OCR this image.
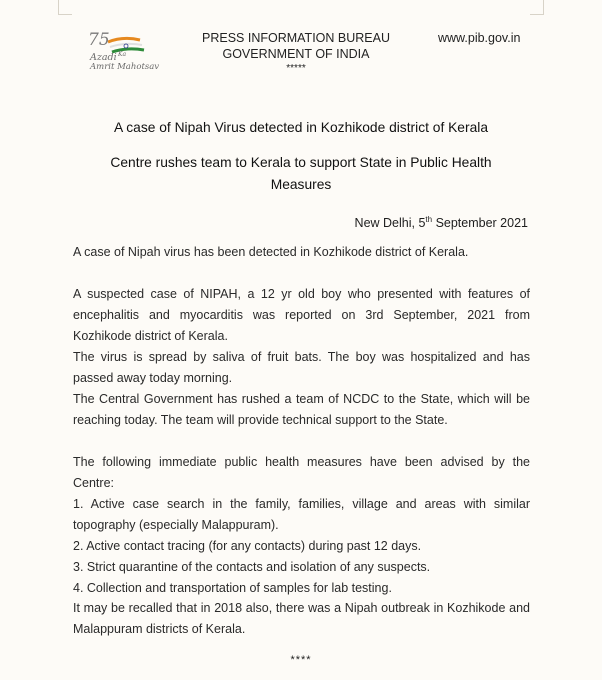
75
Azadi Ka
Amrit Mahotsav
PRESS INFORMATION BUREAU
GOVERNMENT OF INDIA
*****
www.pib.gov.in
A case of Nipah Virus detected in Kozhikode district of Kerala
Centre rushes team to Kerala to support State in Public Health Measures
New Delhi, 5th September 2021

A case of Nipah virus has been detected in Kozhikode district of Kerala.

A suspected case of NIPAH, a 12 yr old boy who presented with features of encephalitis and myocarditis was reported on 3rd September, 2021 from Kozhikode district of Kerala.

The virus is spread by saliva of fruit bats. The boy was hospitalized and has passed away today morning.

The Central Government has rushed a team of NCDC to the State, which will be reaching today. The team will provide technical support to the State.

The following immediate public health measures have been advised by the Centre:

1. Active case search in the family, families, village and areas with similar topography (especially Malappuram).

2. Active contact tracing (for any contacts) during past 12 days.

3. Strict quarantine of the contacts and isolation of any suspects.

4. Collection and transportation of samples for lab testing.

It may be recalled that in 2018 also, there was a Nipah outbreak in Kozhikode and Malappuram districts of Kerala.

****
